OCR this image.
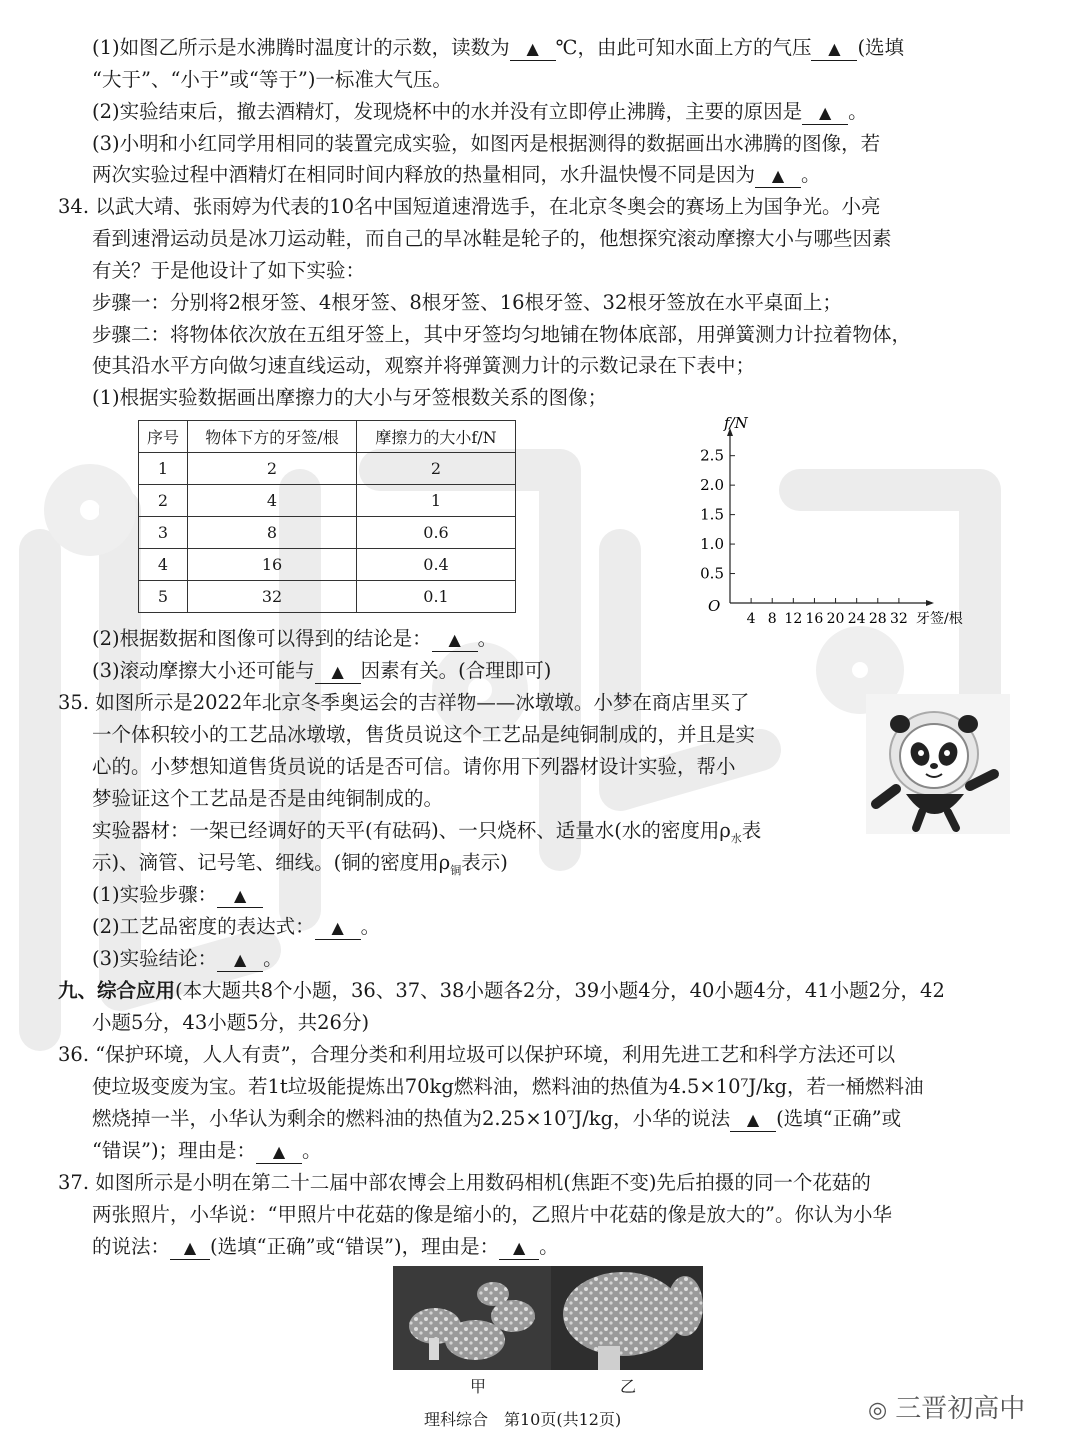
(1)如图乙所示是水沸腾时温度计的示数，读数为 ▲ ℃，由此可知水面上方的气压 ▲ (选填
“大于”、“小于”或“等于”)一标准大气压。
(2)实验结束后，撤去酒精灯，发现烧杯中的水并没有立即停止沸腾，主要的原因是 ▲ 。
(3)小明和小红同学用相同的装置完成实验，如图丙是根据测得的数据画出水沸腾的图像，若
两次实验过程中酒精灯在相同时间内释放的热量相同，水升温快慢不同是因为 ▲ 。
34. 以武大靖、张雨婷为代表的10名中国短道速滑选手，在北京冬奥会的赛场上为国争光。小亮
看到速滑运动员是冰刀运动鞋，而自己的旱冰鞋是轮子的，他想探究滚动摩擦大小与哪些因素
有关？于是他设计了如下实验：
步骤一：分别将2根牙签、4根牙签、8根牙签、16根牙签、32根牙签放在水平桌面上；
步骤二：将物体依次放在五组牙签上，其中牙签均匀地铺在物体底部，用弹簧测力计拉着物体，
使其沿水平方向做匀速直线运动，观察并将弹簧测力计的示数记录在下表中；
(1)根据实验数据画出摩擦力的大小与牙签根数关系的图像；
序号	物体下方的牙签/根	摩擦力的大小f/N
1	2	2
2	4	1
3	8	0.6
4	16	0.4
5	32	0.1
f/N
O
0.5
1.0
1.5
2.0
2.5
4 8 12 16 20 24 28 32 牙签/根
(2)根据数据和图像可以得到的结论是： ▲ 。
(3)滚动摩擦大小还可能与 ▲ 因素有关。(合理即可)
35. 如图所示是2022年北京冬季奥运会的吉祥物——冰墩墩。小梦在商店里买了
一个体积较小的工艺品冰墩墩，售货员说这个工艺品是纯铜制成的，并且是实
心的。小梦想知道售货员说的话是否可信。请你用下列器材设计实验，帮小
梦验证这个工艺品是否是由纯铜制成的。
实验器材：一架已经调好的天平(有砝码)、一只烧杯、适量水(水的密度用$\rho_水$表
示)、滴管、记号笔、细线。(铜的密度用$\rho_铜$表示)
(1)实验步骤： ▲
(2)工艺品密度的表达式： ▲ 。
(3)实验结论： ▲ 。
九、综合应用(本大题共8个小题，36、37、38小题各2分，39小题4分，40小题4分，41小题2分，42
小题5分，43小题5分，共26分)
36. “保护环境，人人有责”，合理分类和利用垃圾可以保护环境，利用先进工艺和科学方法还可以
使垃圾变废为宝。若1t垃圾能提炼出70kg燃料油，燃料油的热值为4.5×10⁷J/kg，若一桶燃料油
燃烧掉一半，小华认为剩余的燃料油的热值为2.25×10⁷J/kg，小华的说法 ▲ (选填“正确”或
“错误”)；理由是： ▲ 。
37. 如图所示是小明在第二十二届中部农博会上用数码相机(焦距不变)先后拍摄的同一个花菇的
两张照片，小华说：“甲照片中花菇的像是缩小的，乙照片中花菇的像是放大的”。你认为小华
的说法： ▲ (选填“正确”或“错误”)，理由是： ▲ 。
甲	乙
理科综合　第10页(共12页)	◎ 三晋初高中
